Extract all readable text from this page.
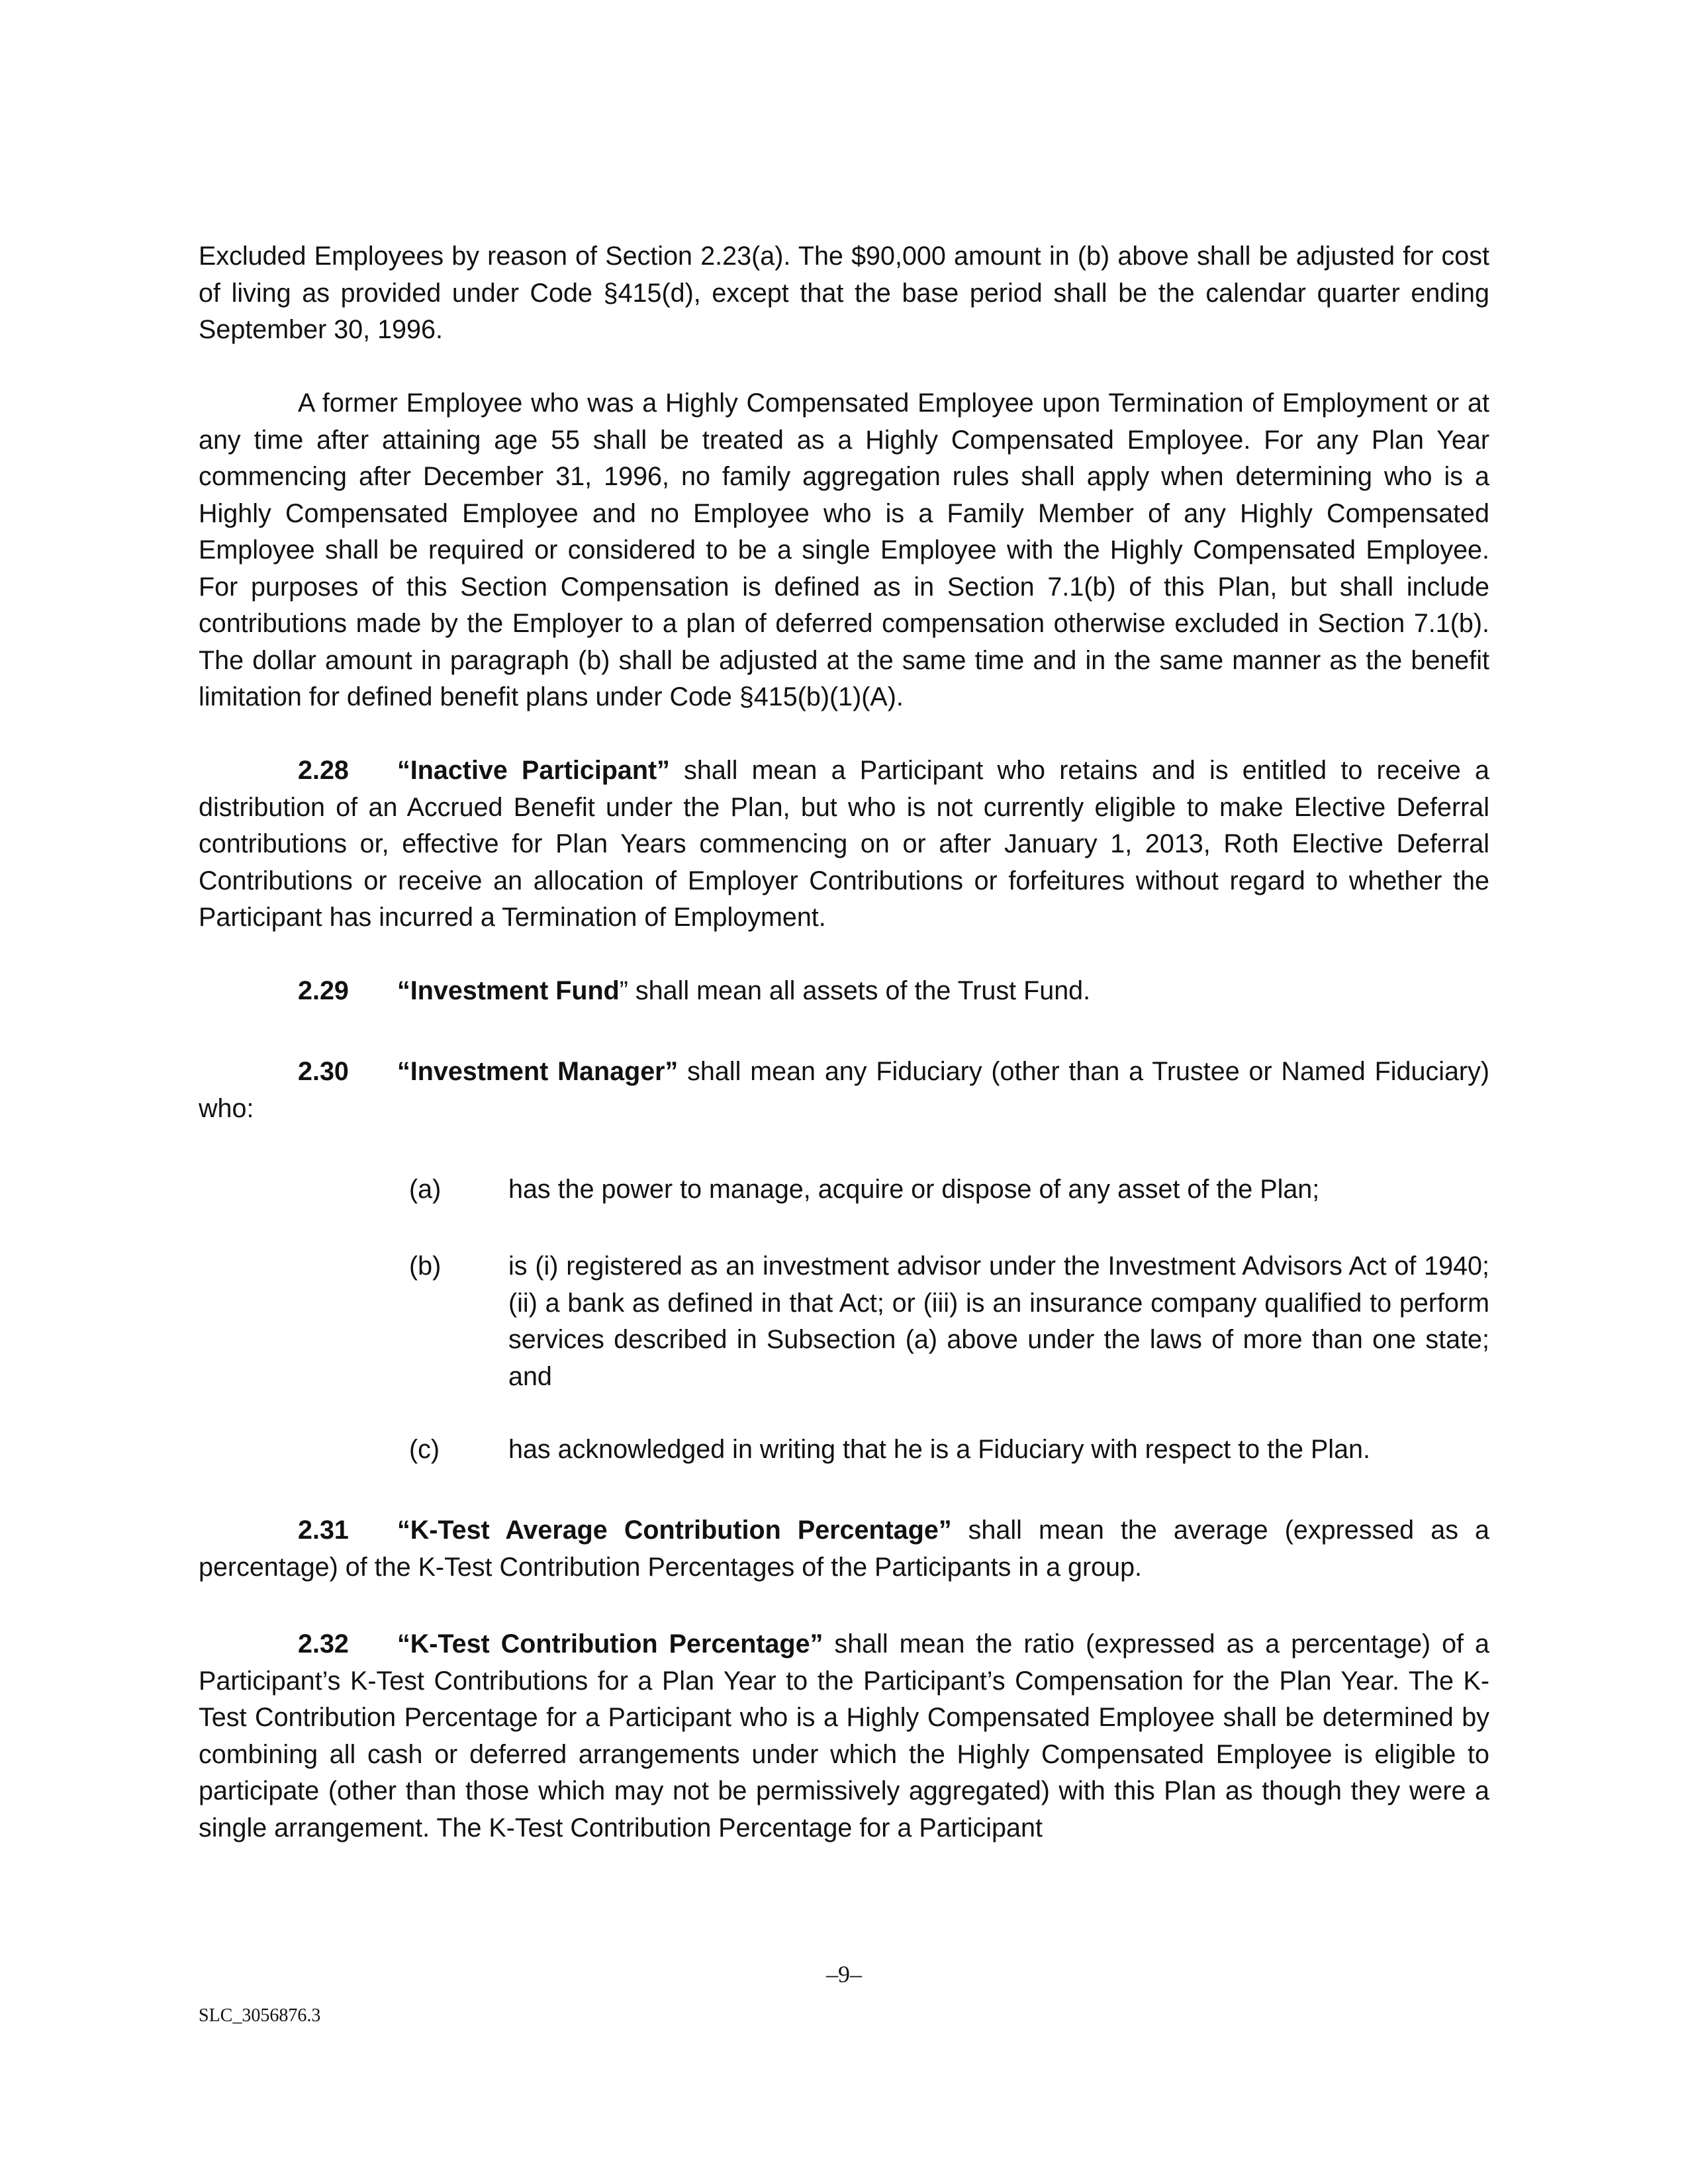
Excluded Employees by reason of Section 2.23(a). The $90,000 amount in (b) above shall be adjusted for cost of living as provided under Code §415(d), except that the base period shall be the calendar quarter ending September 30, 1996.

A former Employee who was a Highly Compensated Employee upon Termination of Employment or at any time after attaining age 55 shall be treated as a Highly Compensated Employee. For any Plan Year commencing after December 31, 1996, no family aggregation rules shall apply when determining who is a Highly Compensated Employee and no Employee who is a Family Member of any Highly Compensated Employee shall be required or considered to be a single Employee with the Highly Compensated Employee. For purposes of this Section Compensation is defined as in Section 7.1(b) of this Plan, but shall include contributions made by the Employer to a plan of deferred compensation otherwise excluded in Section 7.1(b). The dollar amount in paragraph (b) shall be adjusted at the same time and in the same manner as the benefit limitation for defined benefit plans under Code §415(b)(1)(A).

2.28 “Inactive Participant” shall mean a Participant who retains and is entitled to receive a distribution of an Accrued Benefit under the Plan, but who is not currently eligible to make Elective Deferral contributions or, effective for Plan Years commencing on or after January 1, 2013, Roth Elective Deferral Contributions or receive an allocation of Employer Contributions or forfeitures without regard to whether the Participant has incurred a Termination of Employment.

2.29 “Investment Fund” shall mean all assets of the Trust Fund.

2.30 “Investment Manager” shall mean any Fiduciary (other than a Trustee or Named Fiduciary) who:

(a)	has the power to manage, acquire or dispose of any asset of the Plan;

(b)	is (i) registered as an investment advisor under the Investment Advisors Act of 1940; (ii) a bank as defined in that Act; or (iii) is an insurance company qualified to perform services described in Subsection (a) above under the laws of more than one state; and

(c)	has acknowledged in writing that he is a Fiduciary with respect to the Plan.

2.31 “K-Test Average Contribution Percentage” shall mean the average (expressed as a percentage) of the K-Test Contribution Percentages of the Participants in a group.

2.32 “K-Test Contribution Percentage” shall mean the ratio (expressed as a percentage) of a Participant’s K-Test Contributions for a Plan Year to the Participant’s Compensation for the Plan Year. The K-Test Contribution Percentage for a Participant who is a Highly Compensated Employee shall be determined by combining all cash or deferred arrangements under which the Highly Compensated Employee is eligible to participate (other than those which may not be permissively aggregated) with this Plan as though they were a single arrangement. The K-Test Contribution Percentage for a Participant

–9–
SLC_3056876.3
